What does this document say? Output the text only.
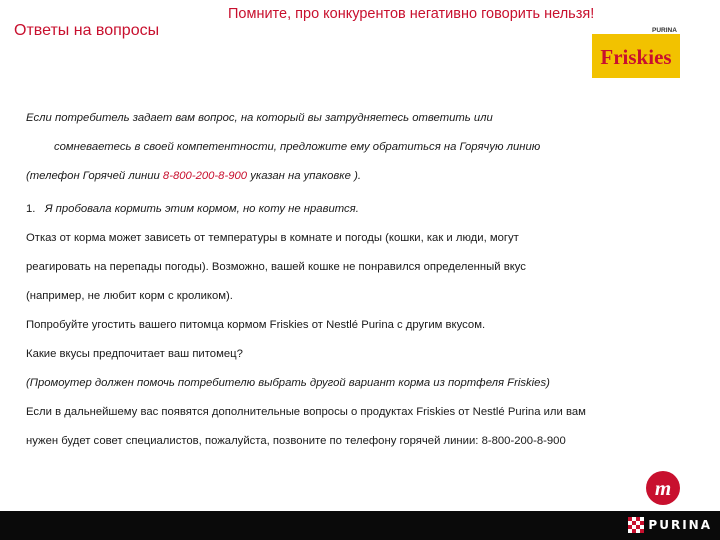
Ответы на вопросы
Помните, про конкурентов негативно говорить нельзя!
PURINA
Friskies
Если потребитель задает вам вопрос, на который вы затрудняетесь ответить или
сомневаетесь в своей компетентности, предложите ему обратиться на Горячую линию
(телефон Горячей линии 8-800-200-8-900 указан на упаковке ).
1. Я пробовала кормить этим кормом, но коту не нравится.
Отказ от корма может зависеть от температуры в комнате и погоды (кошки, как и люди, могут
реагировать на перепады погоды). Возможно, вашей кошке не понравился определенный вкус
(например, не любит корм с кроликом).
Попробуйте угостить вашего питомца кормом Friskies от Nestlé Purina с другим вкусом.
Какие вкусы предпочитает ваш питомец?
(Промоутер должен помочь потребителю выбрать другой вариант корма из портфеля Friskies)
Если в дальнейшему вас появятся дополнительные вопросы о продуктах Friskies от Nestlé Purina или вам
нужен будет совет специалистов, пожалуйста, позвоните по телефону горячей линии: 8-800-200-8-900
m
PURINA
